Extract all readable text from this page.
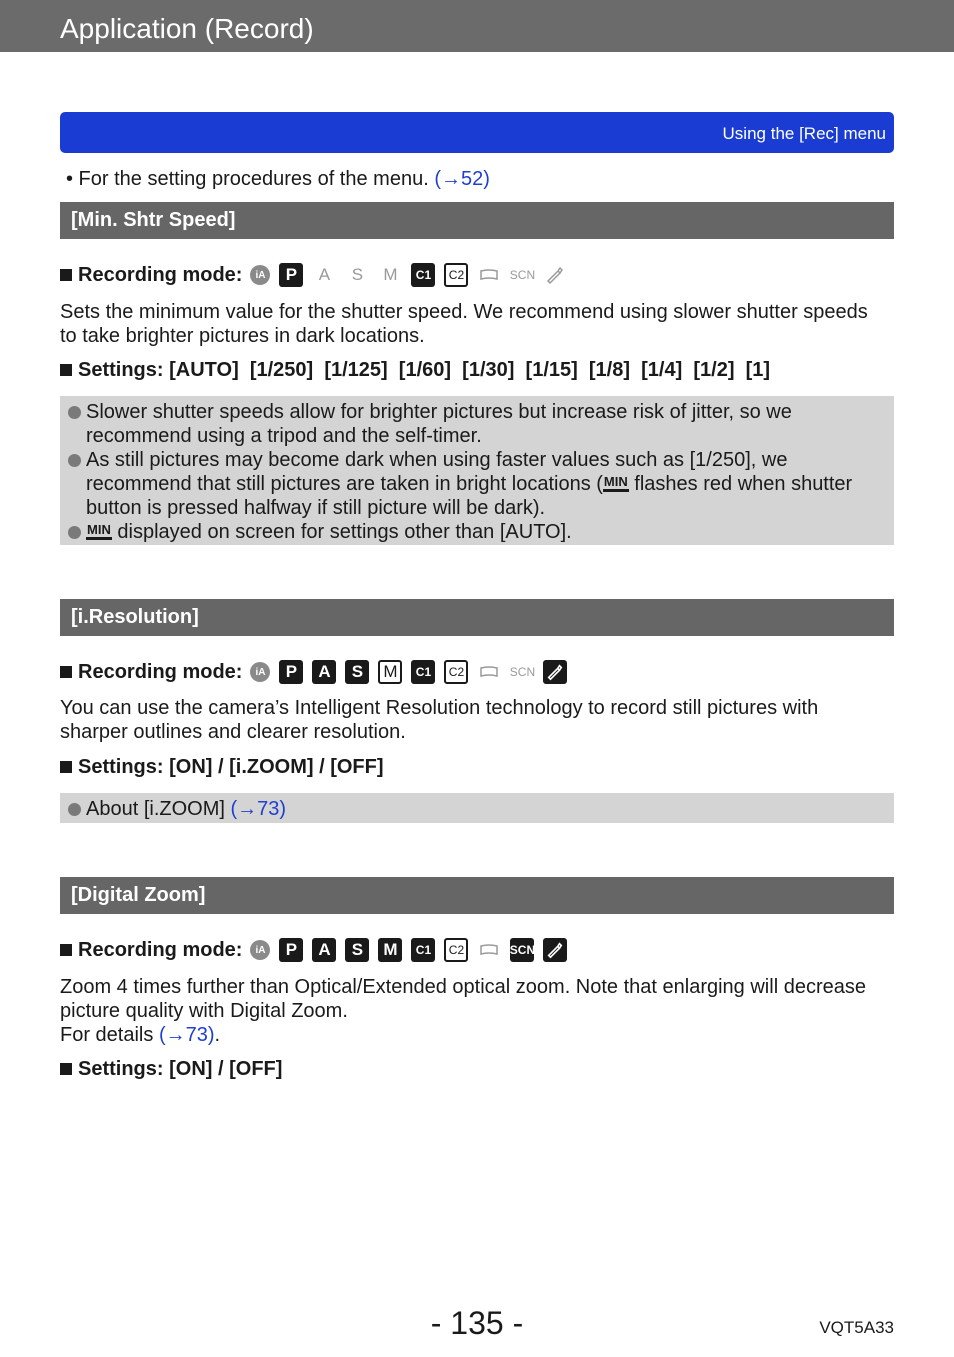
Application (Record)
Using the [Rec] menu
• For the setting procedures of the menu. (→52)
[Min. Shtr Speed]
Recording mode:	iA	P	A	S	M	C1	C2	SCN
Sets the minimum value for the shutter speed. We recommend using slower shutter speeds to take brighter pictures in dark locations.
Settings: [AUTO]  [1/250]  [1/125]  [1/60]  [1/30]  [1/15]  [1/8]  [1/4]  [1/2]  [1]
Slower shutter speeds allow for brighter pictures but increase risk of jitter, so we recommend using a tripod and the self-timer.
As still pictures may become dark when using faster values such as [1/250], we recommend that still pictures are taken in bright locations (MIN flashes red when shutter button is pressed halfway if still picture will be dark).
MIN displayed on screen for settings other than [AUTO].
[i.Resolution]
Recording mode:	iA	P	A	S	M	C1	C2	SCN
You can use the camera’s Intelligent Resolution technology to record still pictures with sharper outlines and clearer resolution.
Settings: [ON] / [i.ZOOM] / [OFF]
About [i.ZOOM] (→73)
[Digital Zoom]
Recording mode:	iA	P	A	S	M	C1	C2	SCN
Zoom 4 times further than Optical/Extended optical zoom. Note that enlarging will decrease picture quality with Digital Zoom.
For details (→73).
Settings: [ON] / [OFF]
- 135 -	VQT5A33
